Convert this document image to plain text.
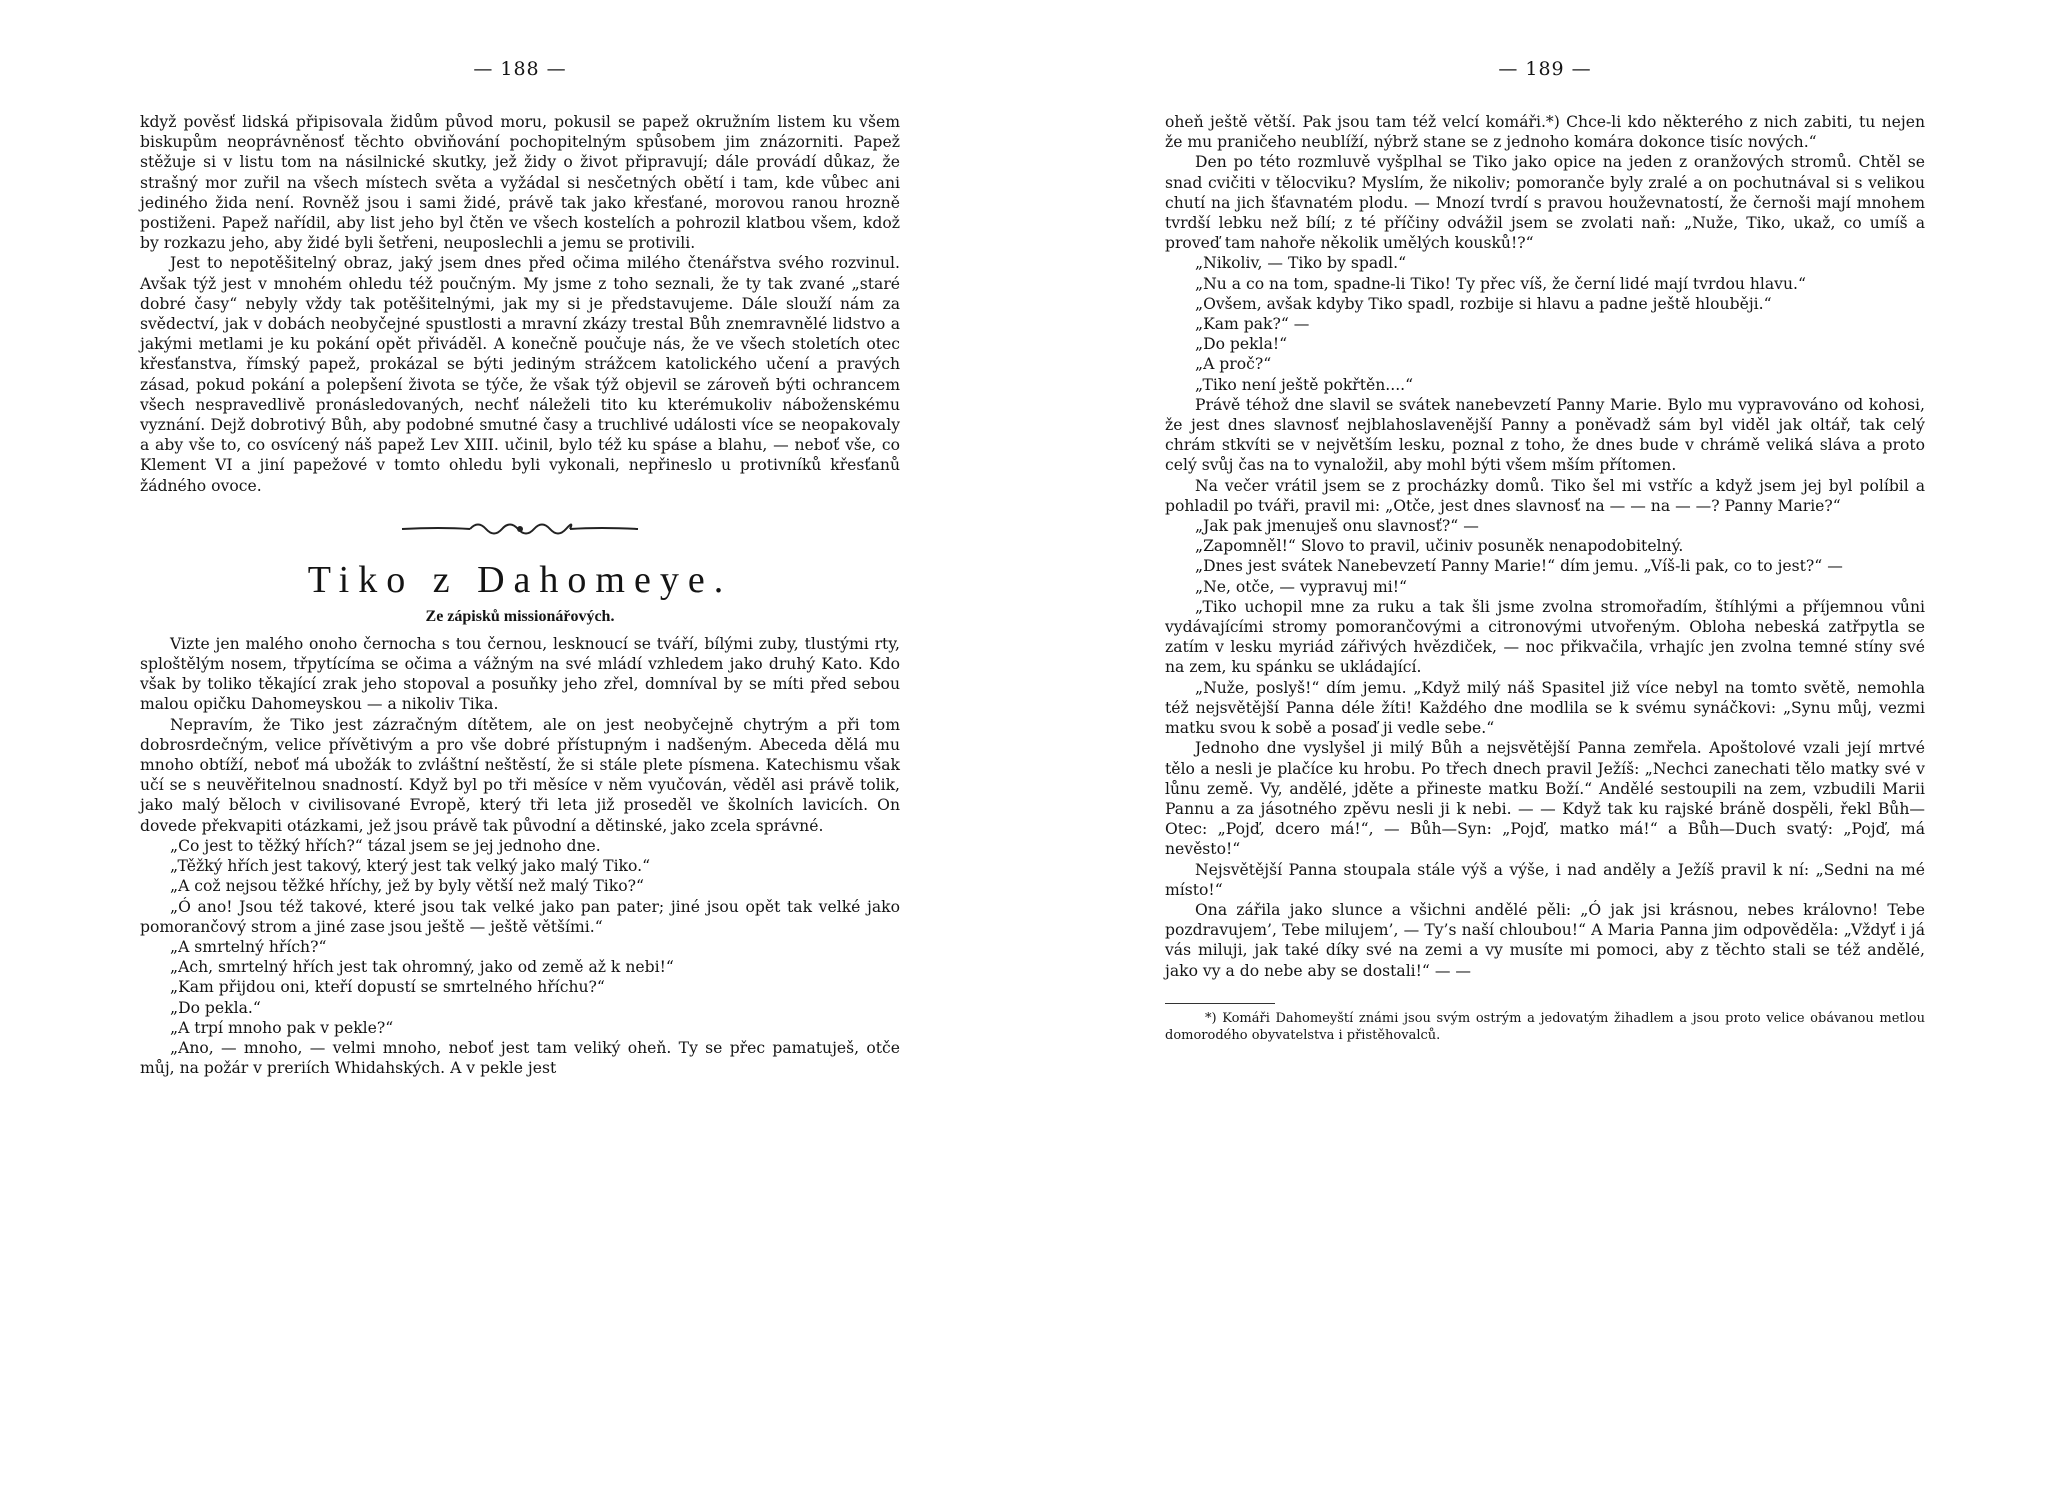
— 188 —

když pověsť lidská připisovala židům původ moru, pokusil se papež okružním listem ku všem biskupům neoprávněnosť těchto obviňování pochopitelným spůsobem jim znázorniti. Papež stěžuje si v listu tom na násilnické skutky, jež židy o život připravují; dále provádí důkaz, že strašný mor zuřil na všech místech světa a vyžádal si nesčetných obětí i tam, kde vůbec ani jediného žida není. Rovněž jsou i sami židé, právě tak jako křesťané, morovou ranou hrozně postiženi. Papež nařídil, aby list jeho byl čtěn ve všech kostelích a pohrozil klatbou všem, kdož by rozkazu jeho, aby židé byli šetřeni, neuposlechli a jemu se protivili.

Jest to nepotěšitelný obraz, jaký jsem dnes před očima milého čtenářstva svého rozvinul. Avšak týž jest v mnohém ohledu též poučným. My jsme z toho seznali, že ty tak zvané „staré dobré časy“ nebyly vždy tak potěšitelnými, jak my si je představujeme. Dále slouží nám za svědectví, jak v dobách neobyčejné spustlosti a mravní zkázy trestal Bůh znemravnělé lidstvo a jakými metlami je ku pokání opět přiváděl. A konečně poučuje nás, že ve všech stoletích otec křesťanstva, římský papež, prokázal se býti jediným strážcem katolického učení a pravých zásad, pokud pokání a polepšení života se týče, že však týž objevil se zároveň býti ochrancem všech nespravedlivě pronásledovaných, nechť náleželi tito ku kterémukoliv náboženskému vyznání. Dejž dobrotivý Bůh, aby podobné smutné časy a truchlivé události více se neopakovaly a aby vše to, co osvícený náš papež Lev XIII. učinil, bylo též ku spáse a blahu, — neboť vše, co Klement VI a jiní papežové v tomto ohledu byli vykonali, nepřineslo u protivníků křesťanů žádného ovoce.

Tiko z Dahomeye.
Ze zápisků missionářových.

Vizte jen malého onoho černocha s tou černou, lesknoucí se tváří, bílými zuby, tlustými rty, sploštělým nosem, třpytícíma se očima a vážným na své mládí vzhledem jako druhý Kato. Kdo však by toliko těkající zrak jeho stopoval a posuňky jeho zřel, domníval by se míti před sebou malou opičku Dahomeyskou — a nikoliv Tika.

Nepravím, že Tiko jest zázračným dítětem, ale on jest neobyčejně chytrým a při tom dobrosrdečným, velice přívětivým a pro vše dobré přístupným i nadšeným. Abeceda dělá mu mnoho obtíží, neboť má ubožák to zvláštní neštěstí, že si stále plete písmena. Katechismu však učí se s neuvěřitelnou snadností. Když byl po tři měsíce v něm vyučován, věděl asi právě tolik, jako malý běloch v civilisované Evropě, který tři leta již proseděl ve školních lavicích. On dovede překvapiti otázkami, jež jsou právě tak původní a dětinské, jako zcela správné.

„Co jest to těžký hřích?“ tázal jsem se jej jednoho dne.

„Těžký hřích jest takový, který jest tak velký jako malý Tiko.“

„A což nejsou těžké hříchy, jež by byly větší než malý Tiko?“

„Ó ano! Jsou též takové, které jsou tak velké jako pan pater; jiné jsou opět tak velké jako pomorančový strom a jiné zase jsou ještě — ještě většími.“

„A smrtelný hřích?“

„Ach, smrtelný hřích jest tak ohromný, jako od země až k nebi!“

„Kam přijdou oni, kteří dopustí se smrtelného hříchu?“

„Do pekla.“

„A trpí mnoho pak v pekle?“

„Ano, — mnoho, — velmi mnoho, neboť jest tam veliký oheň. Ty se přec pamatuješ, otče můj, na požár v preriích Whidahských. A v pekle jest

— 189 —

oheň ještě větší. Pak jsou tam též velcí komáři.*) Chce-li kdo některého z nich zabiti, tu nejen že mu praničeho neublíží, nýbrž stane se z jednoho komára dokonce tisíc nových.“

Den po této rozmluvě vyšplhal se Tiko jako opice na jeden z oranžových stromů. Chtěl se snad cvičiti v tělocviku? Myslím, že nikoliv; pomoranče byly zralé a on pochutnával si s velikou chutí na jich šťavnatém plodu. — Mnozí tvrdí s pravou houževnatostí, že černoši mají mnohem tvrdší lebku než bílí; z té příčiny odvážil jsem se zvolati naň: „Nuže, Tiko, ukaž, co umíš a proveď tam nahoře několik umělých kousků!?“

„Nikoliv, — Tiko by spadl.“

„Nu a co na tom, spadne-li Tiko! Ty přec víš, že černí lidé mají tvrdou hlavu.“

„Ovšem, avšak kdyby Tiko spadl, rozbije si hlavu a padne ještě hlouběji.“

„Kam pak?“ —

„Do pekla!“

„A proč?“

„Tiko není ještě pokřtěn....“

Právě téhož dne slavil se svátek nanebevzetí Panny Marie. Bylo mu vypravováno od kohosi, že jest dnes slavnosť nejblahoslavenější Panny a poněvadž sám byl viděl jak oltář, tak celý chrám stkvíti se v největším lesku, poznal z toho, že dnes bude v chrámě veliká sláva a proto celý svůj čas na to vynaložil, aby mohl býti všem mším přítomen.

Na večer vrátil jsem se z procházky domů. Tiko šel mi vstříc a když jsem jej byl políbil a pohladil po tváři, pravil mi: „Otče, jest dnes slavnosť na — — na — —? Panny Marie?“

„Jak pak jmenuješ onu slavnosť?“ —

„Zapomněl!“ Slovo to pravil, učiniv posuněk nenapodobitelný.

„Dnes jest svátek Nanebevzetí Panny Marie!“ dím jemu. „Víš-li pak, co to jest?“ —

„Ne, otče, — vypravuj mi!“

„Tiko uchopil mne za ruku a tak šli jsme zvolna stromořadím, štíhlými a příjemnou vůni vydávajícími stromy pomorančovými a citronovými utvořeným. Obloha nebeská zatřpytla se zatím v lesku myriád zářivých hvězdiček, — noc přikvačila, vrhajíc jen zvolna temné stíny své na zem, ku spánku se ukládající.

„Nuže, poslyš!“ dím jemu. „Když milý náš Spasitel již více nebyl na tomto světě, nemohla též nejsvětější Panna déle žíti! Každého dne modlila se k svému synáčkovi: „Synu můj, vezmi matku svou k sobě a posaď ji vedle sebe.“

Jednoho dne vyslyšel ji milý Bůh a nejsvětější Panna zemřela. Apoštolové vzali její mrtvé tělo a nesli je plačíce ku hrobu. Po třech dnech pravil Ježíš: „Nechci zanechati tělo matky své v lůnu země. Vy, andělé, jděte a přineste matku Boží.“ Andělé sestoupili na zem, vzbudili Marii Pannu a za jásotného zpěvu nesli ji k nebi. — — Když tak ku rajské bráně dospěli, řekl Bůh—Otec: „Pojď, dcero má!“, — Bůh—Syn: „Pojď, matko má!“ a Bůh—Duch svatý: „Pojď, má nevěsto!“

Nejsvětější Panna stoupala stále výš a výše, i nad anděly a Ježíš pravil k ní: „Sedni na mé místo!“

Ona zářila jako slunce a všichni andělé pěli: „Ó jak jsi krásnou, nebes královno! Tebe pozdravujem’, Tebe milujem’, — Ty’s naší chloubou!“ A Maria Panna jim odpověděla: „Vždyť i já vás miluji, jak také díky své na zemi a vy musíte mi pomoci, aby z těchto stali se též andělé, jako vy a do nebe aby se dostali!“ — —

*) Komáři Dahomeyští známi jsou svým ostrým a jedovatým žihadlem a jsou proto velice obávanou metlou domorodého obyvatelstva i přistěhovalců.
